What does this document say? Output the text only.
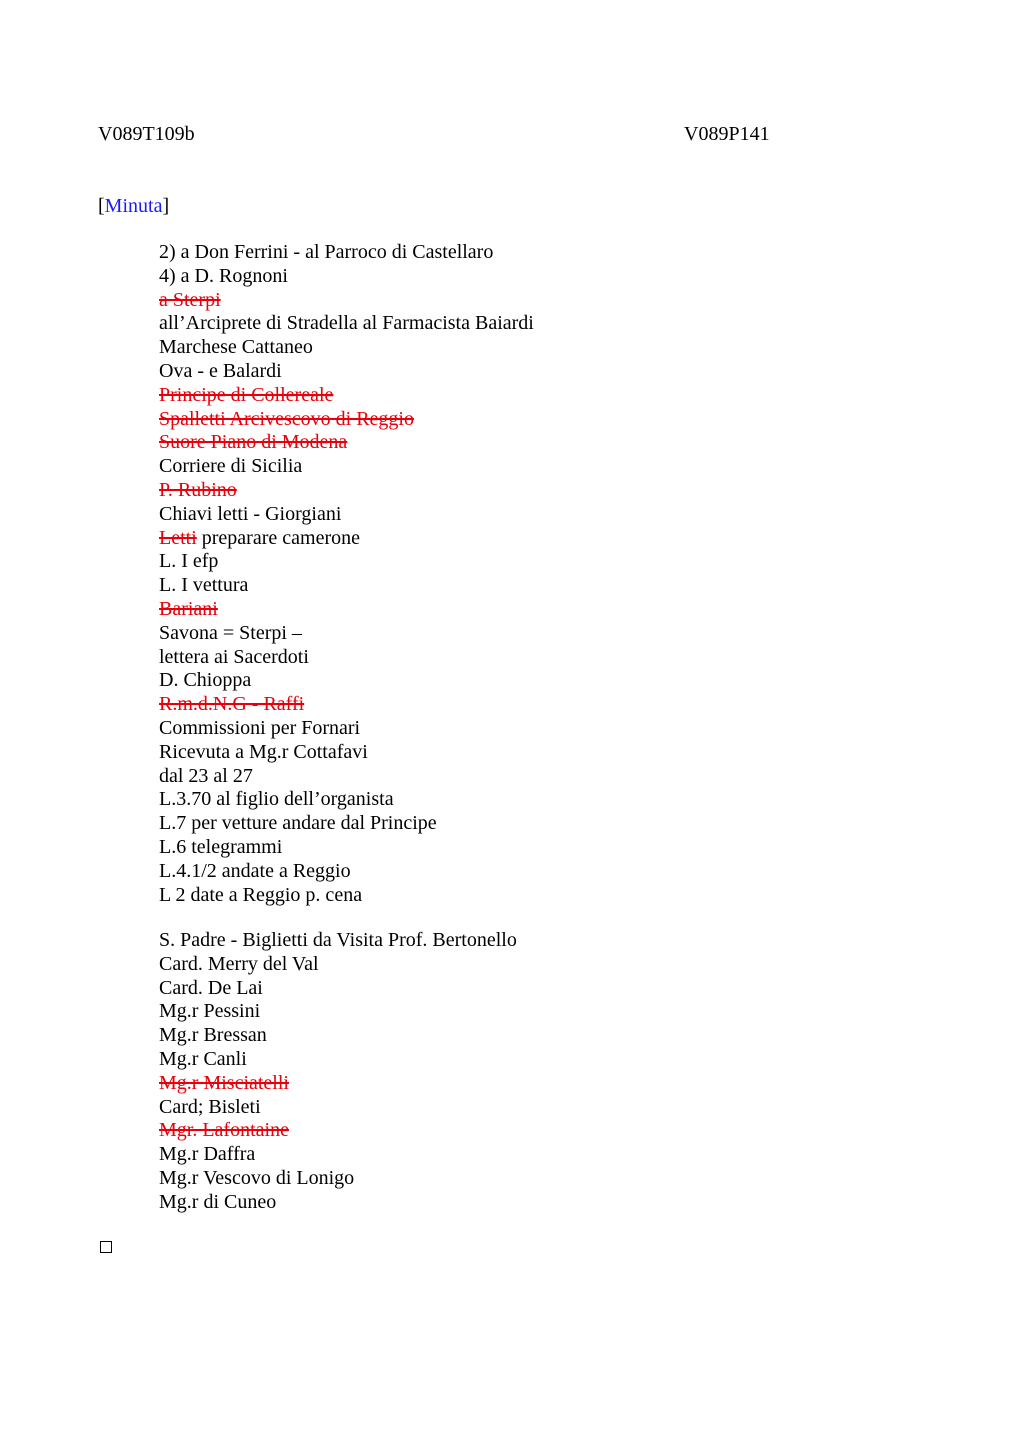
V089T109b	V089P141
[Minuta]
2) a Don Ferrini - al Parroco di Castellaro
4) a D. Rognoni
a Sterpi
all’Arciprete di Stradella al Farmacista Baiardi
Marchese Cattaneo
Ova - e Balardi
Principe di Collereale
Spalletti Arcivescovo di Reggio
Suore Piano di Modena
Corriere di Sicilia
P. Rubino
Chiavi letti - Giorgiani
Letti preparare camerone
L. I efp
L. I vettura
Bariani
Savona = Sterpi –
lettera ai Sacerdoti
D. Chioppa
R.m.d.N.G - Raffi
Commissioni per Fornari
Ricevuta a Mg.r Cottafavi
dal 23 al 27
L.3.70 al figlio dell’organista
L.7 per vetture andare dal Principe
L.6 telegrammi
L.4.1/2 andate a Reggio
L 2 date a Reggio p. cena
S. Padre - Biglietti da Visita Prof. Bertonello
Card. Merry del Val
Card. De Lai
Mg.r Pessini
Mg.r Bressan
Mg.r Canli
Mg.r Misciatelli
Card; Bisleti
Mgr. Lafontaine
Mg.r Daffra
Mg.r Vescovo di Lonigo
Mg.r di Cuneo
